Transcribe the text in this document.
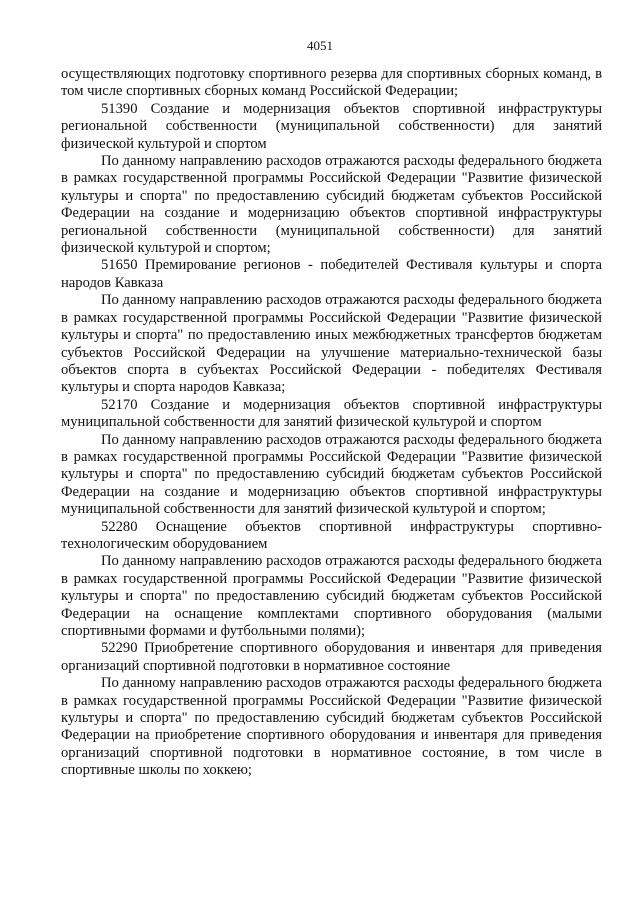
4051

осуществляющих подготовку спортивного резерва для спортивных сборных команд, в том числе спортивных сборных команд Российской Федерации;

51390 Создание и модернизация объектов спортивной инфраструктуры региональной собственности (муниципальной собственности) для занятий физической культурой и спортом

По данному направлению расходов отражаются расходы федерального бюджета в рамках государственной программы Российской Федерации "Развитие физической культуры и спорта" по предоставлению субсидий бюджетам субъектов Российской Федерации на создание и модернизацию объектов спортивной инфраструктуры региональной собственности (муниципальной собственности) для занятий физической культурой и спортом;

51650 Премирование регионов - победителей Фестиваля культуры и спорта народов Кавказа

По данному направлению расходов отражаются расходы федерального бюджета в рамках государственной программы Российской Федерации "Развитие физической культуры и спорта" по предоставлению иных межбюджетных трансфертов бюджетам субъектов Российской Федерации на улучшение материально-технической базы объектов спорта в субъектах Российской Федерации - победителях Фестиваля культуры и спорта народов Кавказа;

52170 Создание и модернизация объектов спортивной инфраструктуры муниципальной собственности для занятий физической культурой и спортом

По данному направлению расходов отражаются расходы федерального бюджета в рамках государственной программы Российской Федерации "Развитие физической культуры и спорта" по предоставлению субсидий бюджетам субъектов Российской Федерации на создание и модернизацию объектов спортивной инфраструктуры муниципальной собственности для занятий физической культурой и спортом;

52280 Оснащение объектов спортивной инфраструктуры спортивно-технологическим оборудованием

По данному направлению расходов отражаются расходы федерального бюджета в рамках государственной программы Российской Федерации "Развитие физической культуры и спорта" по предоставлению субсидий бюджетам субъектов Российской Федерации на оснащение комплектами спортивного оборудования (малыми спортивными формами и футбольными полями);

52290 Приобретение спортивного оборудования и инвентаря для приведения организаций спортивной подготовки в нормативное состояние

По данному направлению расходов отражаются расходы федерального бюджета в рамках государственной программы Российской Федерации "Развитие физической культуры и спорта" по предоставлению субсидий бюджетам субъектов Российской Федерации на приобретение спортивного оборудования и инвентаря для приведения организаций спортивной подготовки в нормативное состояние, в том числе в спортивные школы по хоккею;
